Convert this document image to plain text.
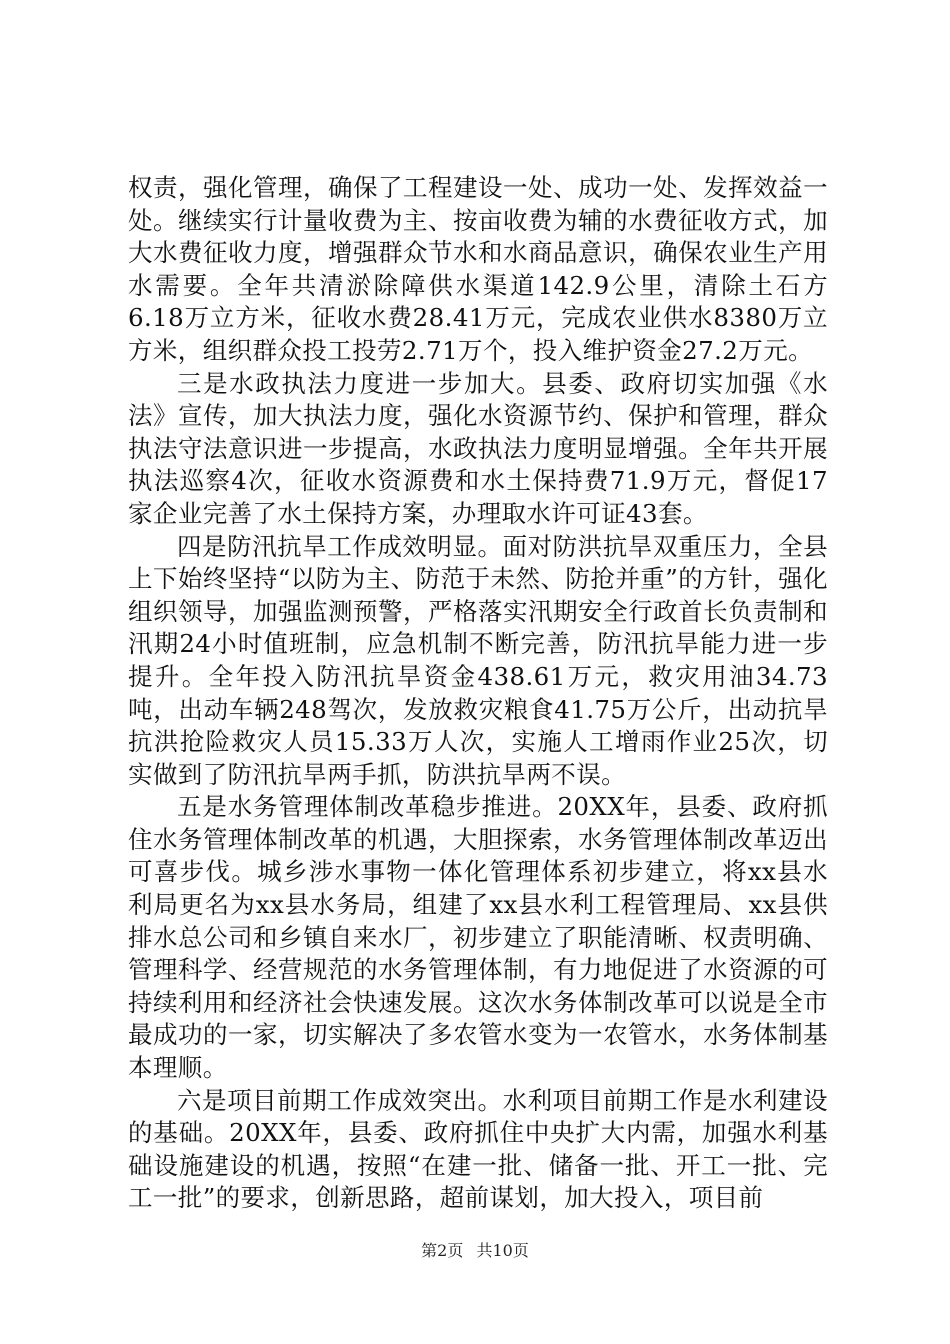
权责，强化管理，确保了工程建设一处、成功一处、发挥效益一处。继续实行计量收费为主、按亩收费为辅的水费征收方式，加大水费征收力度，增强群众节水和水商品意识，确保农业生产用水需要。全年共清淤除障供水渠道142.9公里，清除土石方6.18万立方米，征收水费28.41万元，完成农业供水8380万立方米，组织群众投工投劳2.71万个，投入维护资金27.2万元。

三是水政执法力度进一步加大。县委、政府切实加强《水法》宣传，加大执法力度，强化水资源节约、保护和管理，群众执法守法意识进一步提高，水政执法力度明显增强。全年共开展执法巡察4次，征收水资源费和水土保持费71.9万元，督促17家企业完善了水土保持方案，办理取水许可证43套。

四是防汛抗旱工作成效明显。面对防洪抗旱双重压力，全县上下始终坚持“以防为主、防范于未然、防抢并重”的方针，强化组织领导，加强监测预警，严格落实汛期安全行政首长负责制和汛期24小时值班制，应急机制不断完善，防汛抗旱能力进一步提升。全年投入防汛抗旱资金438.61万元，救灾用油34.73吨，出动车辆248驾次，发放救灾粮食41.75万公斤，出动抗旱抗洪抢险救灾人员15.33万人次，实施人工增雨作业25次，切实做到了防汛抗旱两手抓，防洪抗旱两不误。

五是水务管理体制改革稳步推进。20XX年，县委、政府抓住水务管理体制改革的机遇，大胆探索，水务管理体制改革迈出可喜步伐。城乡涉水事物一体化管理体系初步建立，将xx县水利局更名为xx县水务局，组建了xx县水利工程管理局、xx县供排水总公司和乡镇自来水厂，初步建立了职能清晰、权责明确、管理科学、经营规范的水务管理体制，有力地促进了水资源的可持续利用和经济社会快速发展。这次水务体制改革可以说是全市最成功的一家，切实解决了多农管水变为一农管水，水务体制基本理顺。

六是项目前期工作成效突出。水利项目前期工作是水利建设的基础。20XX年，县委、政府抓住中央扩大内需，加强水利基础设施建设的机遇，按照“在建一批、储备一批、开工一批、完工一批”的要求，创新思路，超前谋划，加大投入，项目前

第2页 共10页
